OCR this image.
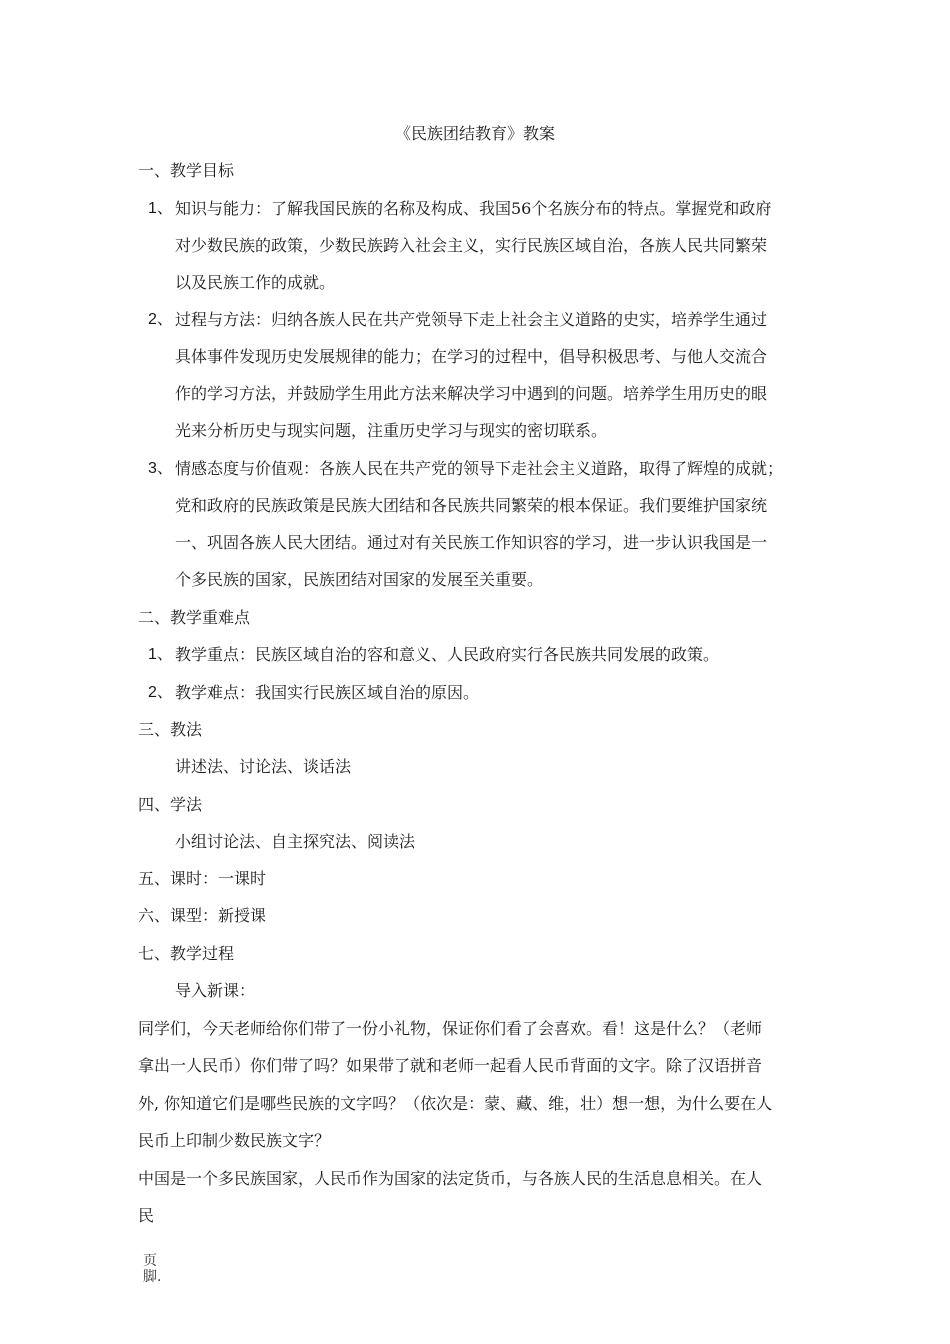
《民族团结教育》教案
一、教学目标
1、 知识与能力：了解我国民族的名称及构成、我国56个名族分布的特点。掌握党和政府
对少数民族的政策，少数民族跨入社会主义，实行民族区域自治，各族人民共同繁荣
以及民族工作的成就。
2、 过程与方法：归纳各族人民在共产党领导下走上社会主义道路的史实，培养学生通过
具体事件发现历史发展规律的能力；在学习的过程中，倡导积极思考、与他人交流合
作的学习方法，并鼓励学生用此方法来解决学习中遇到的问题。培养学生用历史的眼
光来分析历史与现实问题，注重历史学习与现实的密切联系。
3、 情感态度与价值观：各族人民在共产党的领导下走社会主义道路，取得了辉煌的成就；
党和政府的民族政策是民族大团结和各民族共同繁荣的根本保证。我们要维护国家统
一、巩固各族人民大团结。通过对有关民族工作知识容的学习，进一步认识我国是一
个多民族的国家，民族团结对国家的发展至关重要。
二、教学重难点
1、 教学重点：民族区域自治的容和意义、人民政府实行各民族共同发展的政策。
2、 教学难点：我国实行民族区域自治的原因。
三、教法
讲述法、讨论法、谈话法
四、学法
小组讨论法、自主探究法、阅读法
五、课时：一课时
六、课型：新授课
七、教学过程
导入新课：
同学们，今天老师给你们带了一份小礼物，保证你们看了会喜欢。看！这是什么？（老师
拿出一人民币）你们带了吗？如果带了就和老师一起看人民币背面的文字。除了汉语拼音
外, 你知道它们是哪些民族的文字吗？（依次是：蒙、藏、维，壮）想一想，为什么要在人
民币上印制少数民族文字？
中国是一个多民族国家，人民币作为国家的法定货币，与各族人民的生活息息相关。在人
民
页
脚.
